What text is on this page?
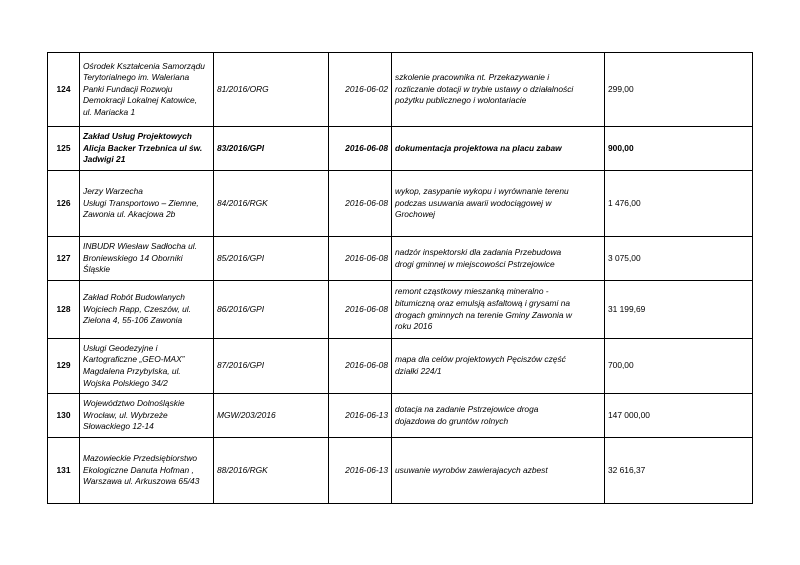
124	Ośrodek Kształcenia Samorządu
Terytorialnego im. Waleriana
Panki Fundacji Rozwoju
Demokracji Lokalnej Katowice,
ul. Mariacka 1	81/2016/ORG	2016-06-02	szkolenie pracownika nt. Przekazywanie i
rozliczanie dotacji w trybie ustawy o działalności
pożytku publicznego i wolontariacie	299,00
125	Zakład Usług Projektowych
Alicja Backer Trzebnica ul św.
Jadwigi 21	83/2016/GPI	2016-06-08	dokumentacja projektowa na placu zabaw	900,00
126	Jerzy Warzecha
Usługi Transportowo – Ziemne,
Zawonia ul. Akacjowa 2b	84/2016/RGK	2016-06-08	wykop, zasypanie wykopu i wyrównanie terenu
podczas usuwania awarii wodociągowej w
Grochowej	1 476,00
127	INBUDR Wiesław Sadłocha ul.
Broniewskiego 14 Oborniki
Śląskie	85/2016/GPI	2016-06-08	nadzór inspektorski dla zadania Przebudowa
drogi gminnej w miejscowości Pstrzejowice	3 075,00
128	Zakład Robót Budowlanych
Wojciech Rapp, Czeszów, ul.
Zielona 4, 55-106 Zawonia	86/2016/GPI	2016-06-08	remont cząstkowy mieszanką mineralno -
bitumiczną oraz emulsją asfaltową i grysami na
drogach gminnych na terenie Gminy Zawonia w
roku 2016	31 199,69
129	Usługi Geodezyjne i
Kartograficzne „GEO-MAX”
Magdalena Przybylska, ul.
Wojska Polskiego 34/2	87/2016/GPI	2016-06-08	mapa dla celów projektowych Pęciszów część
działki 224/1	700,00
130	Województwo Dolnośląskie
Wrocław, ul. Wybrzeże
Słowackiego 12-14	MGW/203/2016	2016-06-13	dotacja na zadanie Pstrzejowice droga
dojazdowa do gruntów rolnych	147 000,00
131	Mazowieckie Przedsiębiorstwo
Ekologiczne Danuta Hofman ,
Warszawa ul. Arkuszowa 65/43	88/2016/RGK	2016-06-13	usuwanie wyrobów zawierajacych azbest	32 616,37
